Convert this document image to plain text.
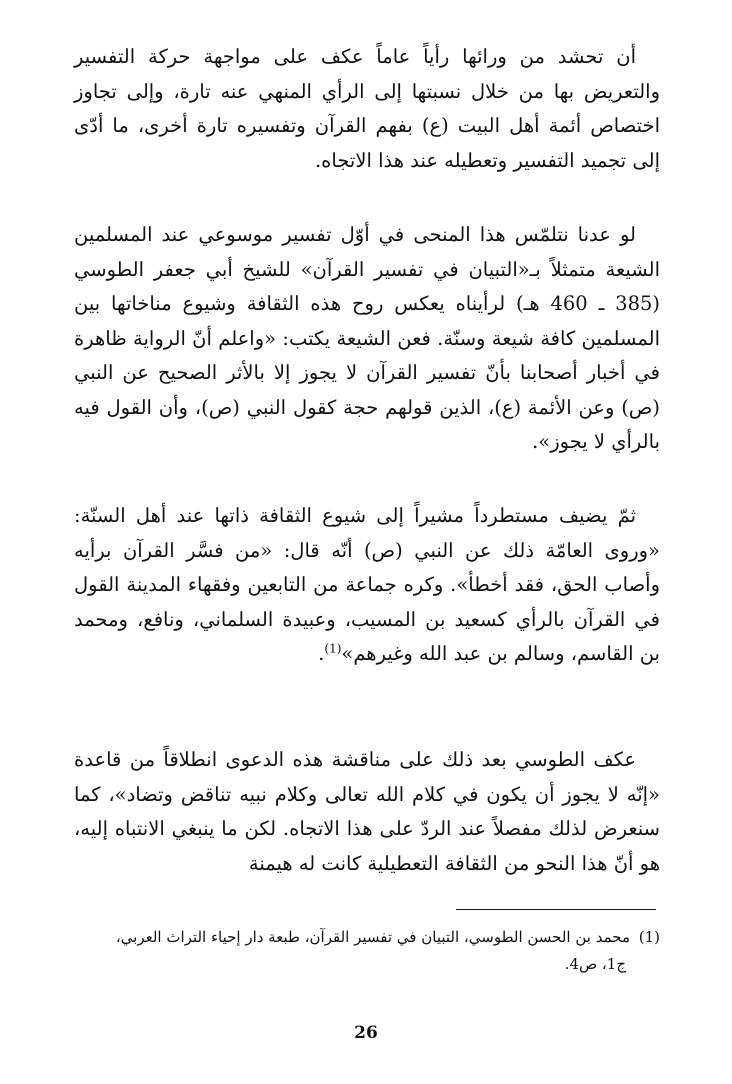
أن تحشد من ورائها رأياً عاماً عكف على مواجهة حركة التفسير والتعريض بها من خلال نسبتها إلى الرأي المنهي عنه تارة، وإلى تجاوز اختصاص أئمة أهل البيت (ع) بفهم القرآن وتفسيره تارة أخرى، ما أدّى إلى تجميد التفسير وتعطيله عند هذا الاتجاه.

لو عدنا نتلمّس هذا المنحى في أوّل تفسير موسوعي عند المسلمين الشيعة متمثلاً بـ«التبيان في تفسير القرآن» للشيخ أبي جعفر الطوسي (385 ـ 460 هـ) لرأيناه يعكس روح هذه الثقافة وشيوع مناخاتها بين المسلمين كافة شيعة وسنّة. فعن الشيعة يكتب: «واعلم أنّ الرواية ظاهرة في أخبار أصحابنا بأنّ تفسير القرآن لا يجوز إلا بالأثر الصحيح عن النبي (ص) وعن الأئمة (ع)، الذين قولهم حجة كقول النبي (ص)، وأن القول فيه بالرأي لا يجوز».

ثمّ يضيف مستطرداً مشيراً إلى شيوع الثقافة ذاتها عند أهل السنّة: «وروى العامّة ذلك عن النبي (ص) أنّه قال: «من فسَّر القرآن برأيه وأصاب الحق، فقد أخطأ». وكره جماعة من التابعين وفقهاء المدينة القول في القرآن بالرأي كسعيد بن المسيب، وعبيدة السلماني، ونافع، ومحمد بن القاسم، وسالم بن عبد الله وغيرهم»$^{(1)}$.

عكف الطوسي بعد ذلك على مناقشة هذه الدعوى انطلاقاً من قاعدة «إنّه لا يجوز أن يكون في كلام الله تعالى وكلام نبيه تناقض وتضاد»، كما سنعرض لذلك مفصلاً عند الردّ على هذا الاتجاه. لكن ما ينبغي الانتباه إليه، هو أنّ هذا النحو من الثقافة التعطيلية كانت له هيمنة

(1)محمد بن الحسن الطوسي، التبيان في تفسير القرآن، طبعة دار إحياء التراث العربي،
ج1، ص4.
26
